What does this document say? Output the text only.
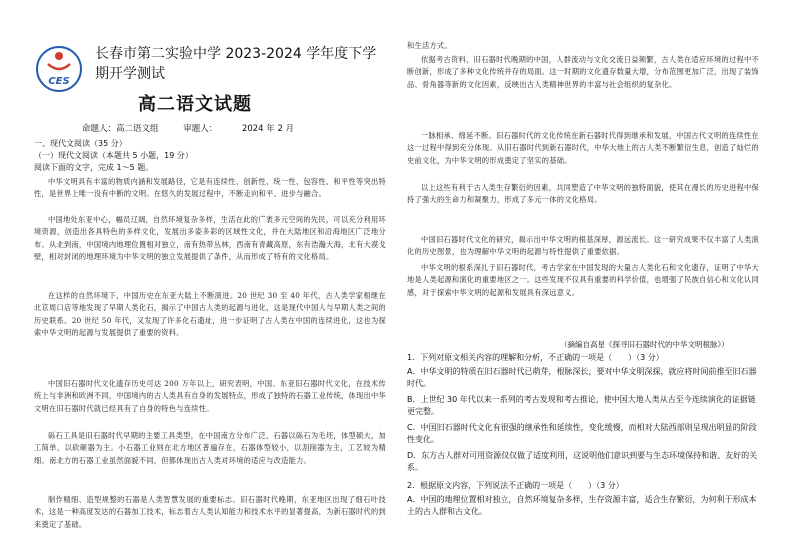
CES
长春市第二实验中学 2023-2024 学年度下学期开学测试
高二语文试题
命题人：高二语文组	审题人：	2024 年 2 月
一、现代文阅读（35 分）
（一）现代文阅读（本题共 5 小题，19 分）
阅读下面的文字，完成 1～5 题。
中华文明具有丰富的物质内涵和发展路径，它是有连续性、创新性、统一性、包容性、和平性等突出特性，是世界上唯一没有中断的文明。在悠久的发展过程中，不断走向和平、进步与融合。
中国地处东亚中心，幅员辽阔，自然环境复杂多样，生活在此的广袤多元空间的先民，可以充分利用环境资源，创造出各具特色的多样文化，发展出多姿多彩的区域性文化，并在大陆地区和沿海地区广泛地分布。从北到南，中国境内地理位置相对独立，南有热带丛林，西南有青藏高原，东有浩瀚大海，北有大漠戈壁，相对封闭的地理环境为中华文明的独立发展提供了条件，从而形成了特有的文化格局。
在这样的自然环境下，中国历史在东亚大陆上不断演进。20 世纪 30 至 40 年代，古人类学家相继在北京周口店等地发现了早期人类化石，揭示了中国古人类的起源与进化，这是现代中国人与早期人类之间的历史联系。20 世纪 50 年代，又发现了许多化石遗址，进一步证明了古人类在中国的连续进化，这也为探索中华文明的起源与发展提供了重要的资料。
中国旧石器时代文化遗存历史可达 200 万年以上，研究表明，中国、东亚旧石器时代文化，在技术传统上与非洲和欧洲不同，中国境内的古人类具有自身的发展特点，形成了独特的石器工业传统，体现出中华文明在旧石器时代就已经具有了自身的特色与连续性。
砾石工具是旧石器时代早期的主要工具类型，在中国南方分布广泛，石器以砾石为毛坯，体型硕大，加工简单，以砍砸器为主。小石器工业则在北方地区普遍存在，石器体型较小，以刮削器为主，工艺较为精细。南北方的石器工业虽然面貌不同，但都体现出古人类对环境的适应与改造能力。
制作精细、造型规整的石器是人类智慧发展的重要标志。旧石器时代晚期，东亚地区出现了细石叶技术，这是一种高度发达的石器加工技术，标志着古人类认知能力和技术水平的显著提高，为新石器时代的到来奠定了基础。
和生活方式。
依据考古资料，旧石器时代晚期的中国，人群流动与文化交流日益频繁，古人类在适应环境的过程中不断创新，形成了多种文化传统并存的局面。这一时期的文化遗存数量大增，分布范围更加广泛，出现了装饰品、骨角器等新的文化因素，反映出古人类精神世界的丰富与社会组织的复杂化。
一脉相承、绵延不断。旧石器时代的文化传统在新石器时代得到继承和发展，中国古代文明的连续性在这一过程中得到充分体现。从旧石器时代到新石器时代，中华大地上的古人类不断繁衍生息，创造了灿烂的史前文化，为中华文明的形成奠定了坚实的基础。
以上这些有利于古人类生存繁衍的因素，共同塑造了中华文明的独特面貌，使其在漫长的历史进程中保持了强大的生命力和凝聚力，形成了多元一体的文化格局。
中国旧石器时代文化的研究，揭示出中华文明的根基深厚，源远流长。这一研究成果不仅丰富了人类演化的历史图景，也为理解中华文明的起源与特性提供了重要依据。
中华文明的根系深扎于旧石器时代，考古学家在中国发现的大量古人类化石和文化遗存，证明了中华大地是人类起源和演化的重要地区之一。这些发现不仅具有重要的科学价值，也增强了民族自信心和文化认同感，对于探索中华文明的起源和发展具有深远意义。
（摘编自高星《探寻旧石器时代的中华文明根脉》）
1．下列对原文相关内容的理解和分析，不正确的一项是（　　）（3 分）
A．中华文明的特质在旧石器时代已萌芽，根脉深长，要对中华文明深探，就应将时间前推至旧石器时代。
B．上世纪 30 年代以来一系列的考古发现和考古推论，使中国大地人类从古至今连续演化的证据链更完整。
C．中国旧石器时代文化有很强的继承性和延续性，变化缓慢，而相对大陆西部则呈现出明显的阶段性变化。
D．东方古人群对可用资源仅仅做了适度利用，这说明他们意识到要与生态环境保持和谐、友好的关系。
2．根据原文内容，下列说法不正确的一项是（　　）（3 分）
A．中国的地理位置相对独立，自然环境复杂多样，生存资源丰富，适合生存繁衍，为何利于形成本土的古人群和古文化。
